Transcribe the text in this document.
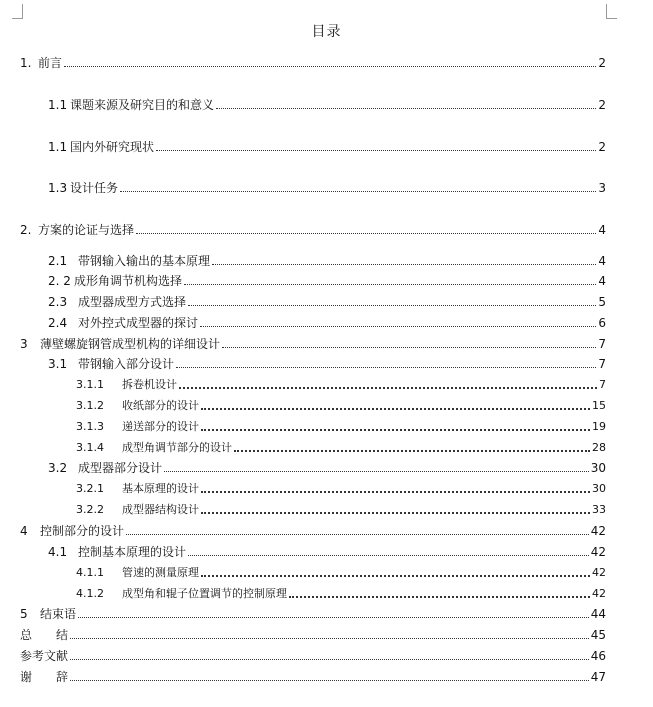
目录
1. 前言	2
1.1 课题来源及研究目的和意义	2
1.1 国内外研究现状	2
1.3 设计任务	3
2. 方案的论证与选择	4
2.1 带钢输入输出的基本原理	4
2. 2 成形角调节机构选择	4
2.3 成型器成型方式选择	5
2.4 对外控式成型器的探讨	6
3	薄壁螺旋钢管成型机构的详细设计	7
3.1 带钢输入部分设计	7
3.1.1	拆卷机设计	7
3.1.2	收纸部分的设计	15
3.1.3	递送部分的设计	19
3.1.4	成型角调节部分的设计	28
3.2 成型器部分设计	30
3.2.1	基本原理的设计	30
3.2.2	成型器结构设计	33
4	控制部分的设计	42
4.1 控制基本原理的设计	42
4.1.1	管速的测量原理	42
4.1.2	成型角和辊子位置调节的控制原理	42
5	结束语	44
总　　结	45
参考文献	46
谢　　辞	47
